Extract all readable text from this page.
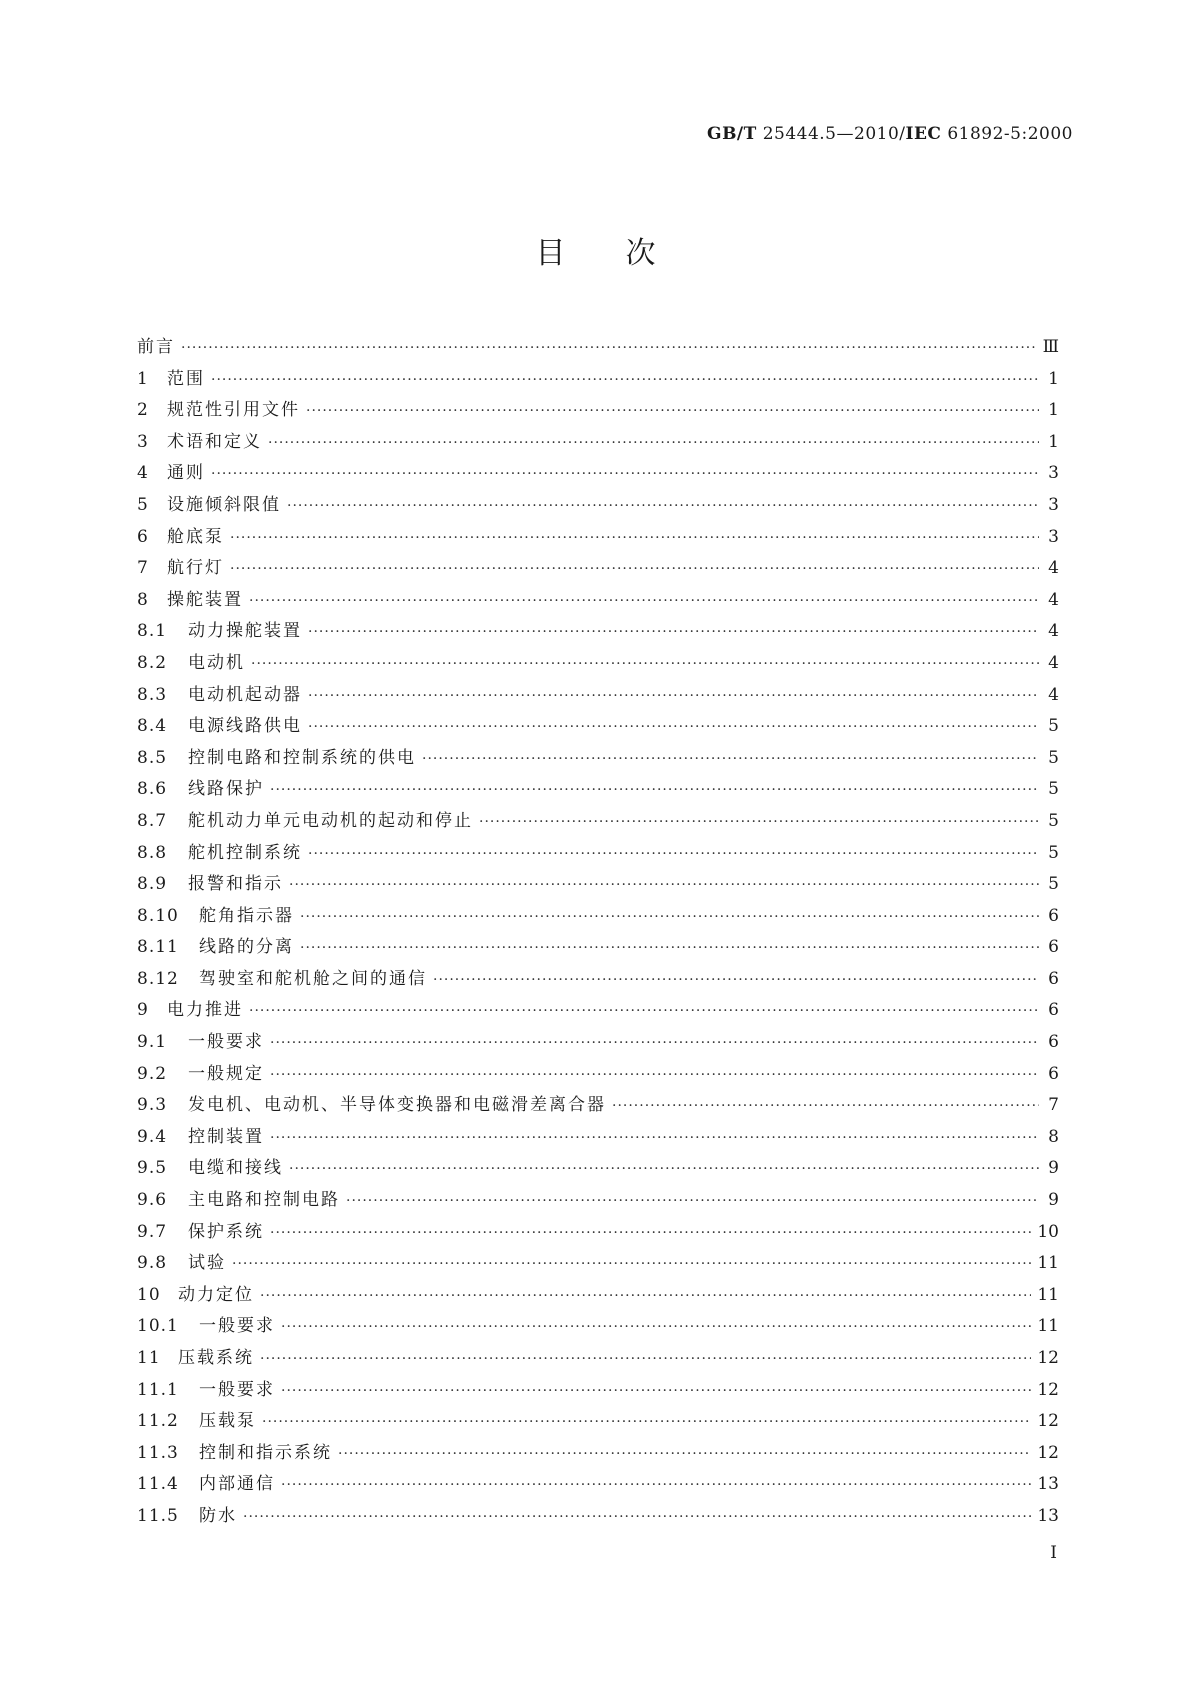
GB/T 25444.5—2010/IEC 61892-5:2000
目次
前言 ·····	Ⅲ
1	范围 ·····	1
2	规范性引用文件 ·····	1
3	术语和定义 ·····	1
4	通则 ·····	3
5	设施倾斜限值 ·····	3
6	舱底泵 ·····	3
7	航行灯 ·····	4
8	操舵装置 ·····	4
8.1	动力操舵装置 ·····	4
8.2	电动机 ·····	4
8.3	电动机起动器 ·····	4
8.4	电源线路供电 ·····	5
8.5	控制电路和控制系统的供电 ·····	5
8.6	线路保护 ·····	5
8.7	舵机动力单元电动机的起动和停止 ·····	5
8.8	舵机控制系统 ·····	5
8.9	报警和指示 ·····	5
8.10	舵角指示器 ·····	6
8.11	线路的分离 ·····	6
8.12	驾驶室和舵机舱之间的通信 ·····	6
9	电力推进 ·····	6
9.1	一般要求 ·····	6
9.2	一般规定 ·····	6
9.3	发电机、电动机、半导体变换器和电磁滑差离合器 ·····	7
9.4	控制装置 ·····	8
9.5	电缆和接线 ·····	9
9.6	主电路和控制电路 ·····	9
9.7	保护系统 ·····	10
9.8	试验 ·····	11
10	动力定位 ·····	11
10.1	一般要求 ·····	11
11	压载系统 ·····	12
11.1	一般要求 ·····	12
11.2	压载泵 ·····	12
11.3	控制和指示系统 ·····	12
11.4	内部通信 ·····	13
11.5	防水 ·····	13
I
